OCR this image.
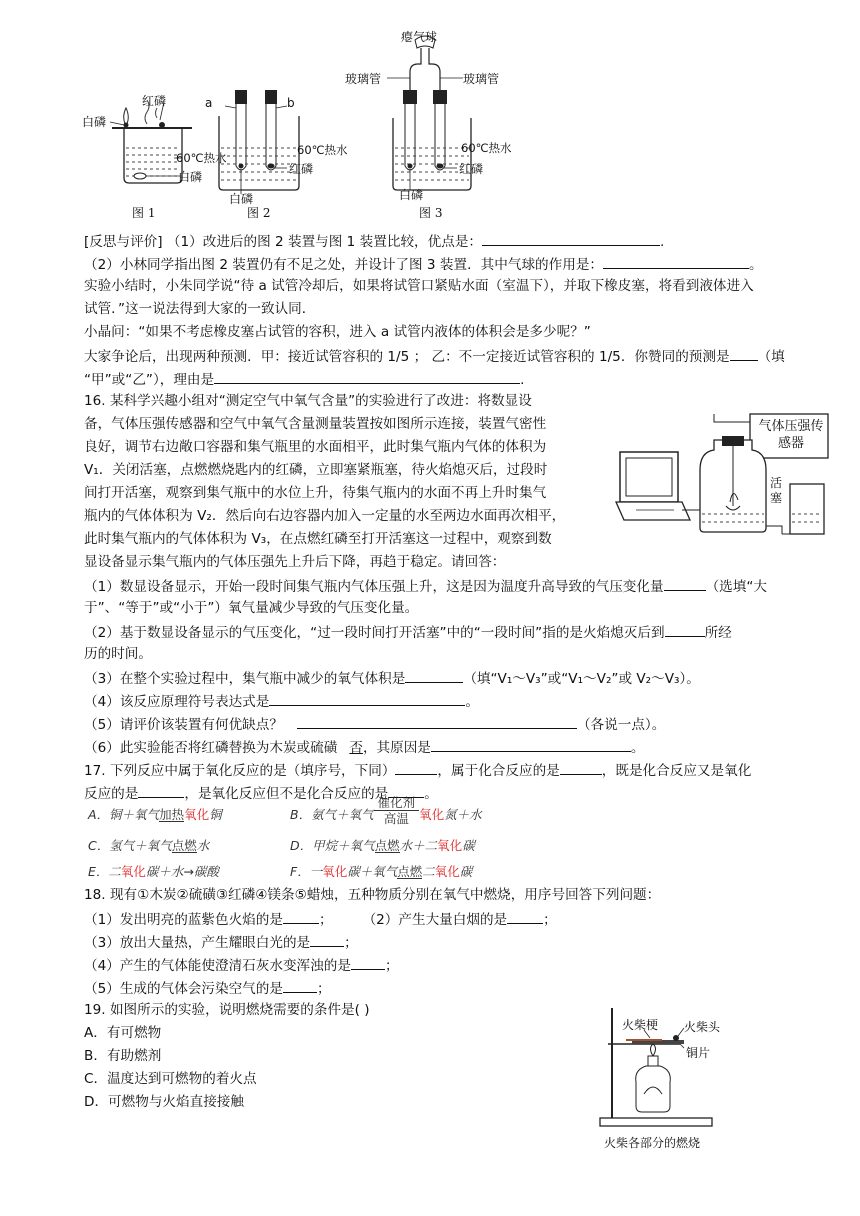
红磷
白磷
60℃热水
白磷
图 1
a	b
60℃热水
白磷
红磷
图 2
瘪气球
玻璃管	玻璃管
60℃热水
白磷
红磷
图 3
[反思与评价] （1）改进后的图 2 装置与图 1 装置比较，优点是：	.
（2）小林同学指出图 2 装置仍有不足之处，并设计了图 3 装置．其中气球的作用是：	。
实验小结时，小朱同学说“待 a 试管冷却后，如果将试管口紧贴水面（室温下），并取下橡皮塞，将看到液体进入
试管．”这一说法得到大家的一致认同．
小晶问：“如果不考虑橡皮塞占试管的容积，进入 a 试管内液体的体积会是多少呢？”
大家争论后，出现两种预测．甲：接近试管容积的 1/5 ； 乙：不一定接近试管容积的 1/5．你赞同的预测是 （填
“甲”或“乙”），理由是	.
16. 某科学兴趣小组对“测定空气中氧气含量”的实验进行了改进：将数显设
备，气体压强传感器和空气中氧气含量测量装置按如图所示连接，装置气密性
良好，调节右边敞口容器和集气瓶里的水面相平，此时集气瓶内气体的体积为
V₁．关闭活塞，点燃燃烧匙内的红磷，立即塞紧瓶塞，待火焰熄灭后，过段时
间打开活塞，观察到集气瓶中的水位上升，待集气瓶内的水面不再上升时集气
瓶内的气体体积为 V₂．然后向右边容器内加入一定量的水至两边水面再次相平，
此时集气瓶内的气体体积为 V₃，在点燃红磷至打开活塞这一过程中，观察到数
显设备显示集气瓶内的气体压强先上升后下降，再趋于稳定。请回答：
气体压强传感器
活塞
（1）数显设备显示，开始一段时间集气瓶内气体压强上升，这是因为温度升高导致的气压变化量	（选填“大
于”、“等于”或“小于”）氧气量减少导致的气压变化量。
（2）基于数显设备显示的气压变化，“过一段时间打开活塞”中的“一段时间”指的是火焰熄灭后到	所经
历的时间。
（3）在整个实验过程中，集气瓶中减少的氧气体积是	（填“V₁～V₃”或“V₁～V₂”或 V₂～V₃）。
（4）该反应原理符号表达式是	。
（5）请评价该装置有何优缺点？	（各说一点）。
（6）此实验能否将红磷替换为木炭或硫磺 否，其原因是	。
17. 下列反应中属于氧化反应的是（填序号，下同）	，属于化合反应的是	，既是化合反应又是氧化
反应的是	，是氧化反应但不是化合反应的是	。
A．铜＋氧气加热氧化铜	B．氨气＋氧气
催化剂
高温 氧化氮＋水
C．氢气＋氧气点燃水	D．甲烷＋氧气点燃水＋二氧化碳
E．二氧化碳＋水→碳酸	F．一氧化碳＋氧气点燃二氧化碳
18. 现有①木炭②硫磺③红磷④镁条⑤蜡烛，五种物质分别在氧气中燃烧，用序号回答下列问题：
（1）发出明亮的蓝紫色火焰的是	； （2）产生大量白烟的是	；
（3）放出大量热，产生耀眼白光的是	；
（4）产生的气体能使澄清石灰水变浑浊的是	；
（5）生成的气体会污染空气的是	；
19. 如图所示的实验，说明燃烧需要的条件是( )
A．有可燃物
B．有助燃剂
C．温度达到可燃物的着火点
D．可燃物与火焰直接接触
火柴梗 火柴头
铜片
火柴各部分的燃烧
